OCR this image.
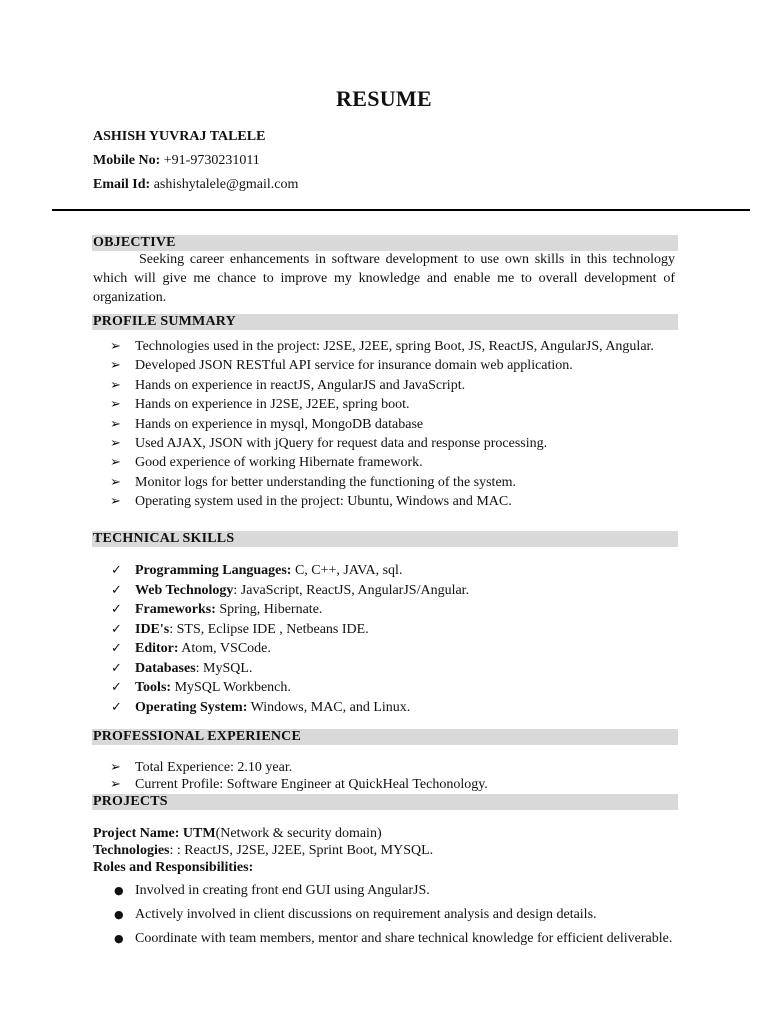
RESUME
ASHISH YUVRAJ TALELE
Mobile No: +91-9730231011
Email Id: ashishytalele@gmail.com
OBJECTIVE
Seeking career enhancements in software development to use own skills in this technology which will give me chance to improve my knowledge and enable me to overall development of organization.
PROFILE SUMMARY
➢ Technologies used in the project: J2SE, J2EE, spring Boot, JS, ReactJS, AngularJS, Angular.
➢ Developed JSON RESTful API service for insurance domain web application.
➢ Hands on experience in reactJS, AngularJS and JavaScript.
➢ Hands on experience in J2SE, J2EE, spring boot.
➢ Hands on experience in mysql, MongoDB database
➢ Used AJAX, JSON with jQuery for request data and response processing.
➢ Good experience of working Hibernate framework.
➢ Monitor logs for better understanding the functioning of the system.
➢ Operating system used in the project: Ubuntu, Windows and MAC.
TECHNICAL SKILLS
✓ Programming Languages: C, C++, JAVA, sql.
✓ Web Technology: JavaScript, ReactJS, AngularJS/Angular.
✓ Frameworks: Spring, Hibernate.
✓ IDE's: STS, Eclipse IDE , Netbeans IDE.
✓ Editor: Atom, VSCode.
✓ Databases: MySQL.
✓ Tools: MySQL Workbench.
✓ Operating System: Windows, MAC, and Linux.
PROFESSIONAL EXPERIENCE
➢ Total Experience: 2.10 year.
➢ Current Profile: Software Engineer at QuickHeal Techonology.
PROJECTS
Project Name: UTM(Network & security domain)
Technologies: : ReactJS, J2SE, J2EE, Sprint Boot, MYSQL.
Roles and Responsibilities:
● Involved in creating front end GUI using AngularJS.
● Actively involved in client discussions on requirement analysis and design details.
● Coordinate with team members, mentor and share technical knowledge for efficient deliverable.
